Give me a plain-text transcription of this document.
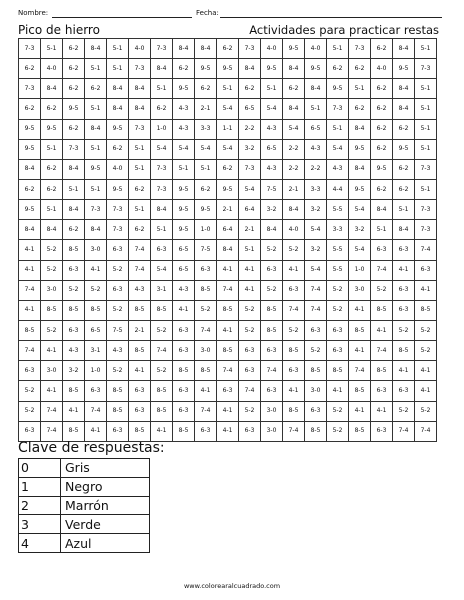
Nombre:	Fecha:
Pico de hierro	Actividades para practicar restas
7-3	5-1	6-2	8-4	5-1	4-0	7-3	8-4	8-4	6-2	7-3	4-0	9-5	4-0	5-1	7-3	6-2	8-4	5-1
6-2	4-0	6-2	5-1	5-1	7-3	8-4	6-2	9-5	9-5	8-4	9-5	8-4	9-5	6-2	6-2	4-0	9-5	7-3
7-3	8-4	6-2	6-2	8-4	8-4	5-1	9-5	6-2	5-1	6-2	5-1	6-2	8-4	9-5	5-1	6-2	8-4	5-1
6-2	6-2	9-5	5-1	8-4	8-4	6-2	4-3	2-1	5-4	6-5	5-4	8-4	5-1	7-3	6-2	6-2	8-4	5-1
9-5	9-5	6-2	8-4	9-5	7-3	1-0	4-3	3-3	1-1	2-2	4-3	5-4	6-5	5-1	8-4	6-2	6-2	5-1
9-5	5-1	7-3	5-1	6-2	5-1	5-4	5-4	5-4	5-4	3-2	6-5	2-2	4-3	5-4	9-5	6-2	9-5	5-1
8-4	6-2	8-4	9-5	4-0	5-1	7-3	5-1	5-1	6-2	7-3	4-3	2-2	2-2	4-3	8-4	9-5	6-2	7-3
6-2	6-2	5-1	5-1	9-5	6-2	7-3	9-5	6-2	9-5	5-4	7-5	2-1	3-3	4-4	9-5	6-2	6-2	5-1
9-5	5-1	8-4	7-3	7-3	5-1	8-4	9-5	9-5	2-1	6-4	3-2	8-4	3-2	5-5	5-4	8-4	5-1	7-3
8-4	8-4	6-2	8-4	7-3	6-2	5-1	9-5	1-0	6-4	2-1	8-4	4-0	5-4	3-3	3-2	5-1	8-4	7-3
4-1	5-2	8-5	3-0	6-3	7-4	6-3	6-5	7-5	8-4	5-1	5-2	5-2	3-2	5-5	5-4	6-3	6-3	7-4
4-1	5-2	6-3	4-1	5-2	7-4	5-4	6-5	6-3	4-1	4-1	6-3	4-1	5-4	5-5	1-0	7-4	4-1	6-3
7-4	3-0	5-2	5-2	6-3	4-3	3-1	4-3	8-5	7-4	4-1	5-2	6-3	7-4	5-2	3-0	5-2	6-3	4-1
4-1	8-5	8-5	8-5	5-2	8-5	8-5	4-1	5-2	8-5	5-2	8-5	7-4	7-4	5-2	4-1	8-5	6-3	8-5
8-5	5-2	6-3	6-5	7-5	2-1	5-2	6-3	7-4	4-1	5-2	8-5	5-2	6-3	6-3	8-5	4-1	5-2	5-2
7-4	4-1	4-3	3-1	4-3	8-5	7-4	6-3	3-0	8-5	6-3	6-3	8-5	5-2	6-3	4-1	7-4	8-5	5-2
6-3	3-0	3-2	1-0	5-2	4-1	5-2	8-5	8-5	7-4	6-3	7-4	6-3	8-5	8-5	7-4	8-5	4-1	4-1
5-2	4-1	8-5	6-3	8-5	6-3	8-5	6-3	4-1	6-3	7-4	6-3	4-1	3-0	4-1	8-5	6-3	6-3	4-1
5-2	7-4	4-1	7-4	8-5	6-3	8-5	6-3	7-4	4-1	5-2	3-0	8-5	6-3	5-2	4-1	4-1	5-2	5-2
6-3	7-4	8-5	4-1	6-3	8-5	4-1	8-5	6-3	4-1	6-3	3-0	7-4	8-5	5-2	8-5	6-3	7-4	7-4
Clave de respuestas:
0	Gris
1	Negro
2	Marrón
3	Verde
4	Azul
www.colorearalcuadrado.com
